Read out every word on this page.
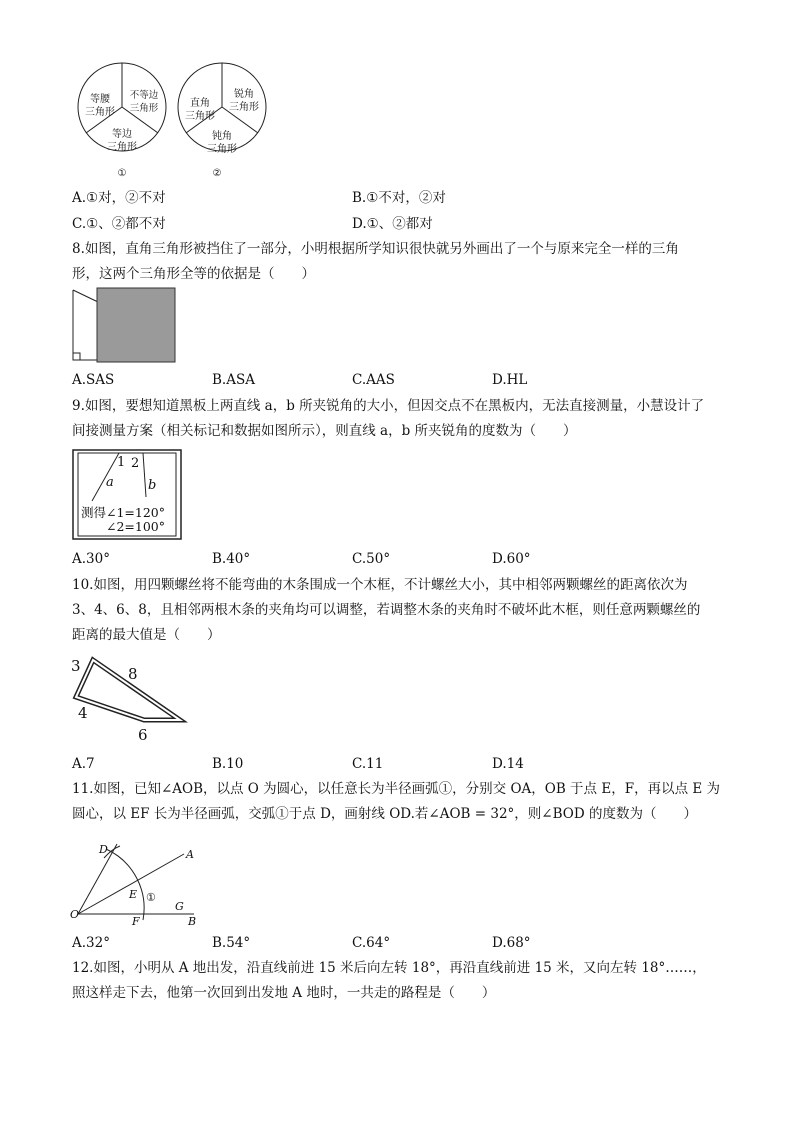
等腰
三角形
不等边
三角形
等边
三角形
①
直角
三角形
锐角
三角形
钝角
三角形
②
A.①对，②不对	B.①不对，②对
C.①、②都不对	D.①、②都对
8.如图，直角三角形被挡住了一部分，小明根据所学知识很快就另外画出了一个与原来完全一样的三角
形，这两个三角形全等的依据是（　　）
A.SAS	B.ASA	C.AAS	D.HL
9.如图，要想知道黑板上两直线 a，b 所夹锐角的大小，但因交点不在黑板内，无法直接测量，小慧设计了
间接测量方案（相关标记和数据如图所示），则直线 a，b 所夹锐角的度数为（　　）
1 2
a	b
测得∠1=120°
∠2=100°
A.30°	B.40°	C.50°	D.60°
10.如图，用四颗螺丝将不能弯曲的木条围成一个木框，不计螺丝大小，其中相邻两颗螺丝的距离依次为
3、4、6、8，且相邻两根木条的夹角均可以调整，若调整木条的夹角时不破坏此木框，则任意两颗螺丝的
距离的最大值是（　　）
3	8
4
6
A.7	B.10	C.11	D.14
11.如图，已知∠AOB，以点 O 为圆心，以任意长为半径画弧①，分别交 OA，OB 于点 E，F，再以点 E 为
圆心，以 EF 长为半径画弧，交弧①于点 D，画射线 OD.若∠AOB = 32°，则∠BOD 的度数为（　　）
D	A
E ①
O
F
G
B
A.32°	B.54°	C.64°	D.68°
12.如图，小明从 A 地出发，沿直线前进 15 米后向左转 18°，再沿直线前进 15 米，又向左转 18°……，
照这样走下去，他第一次回到出发地 A 地时，一共走的路程是（　　）
